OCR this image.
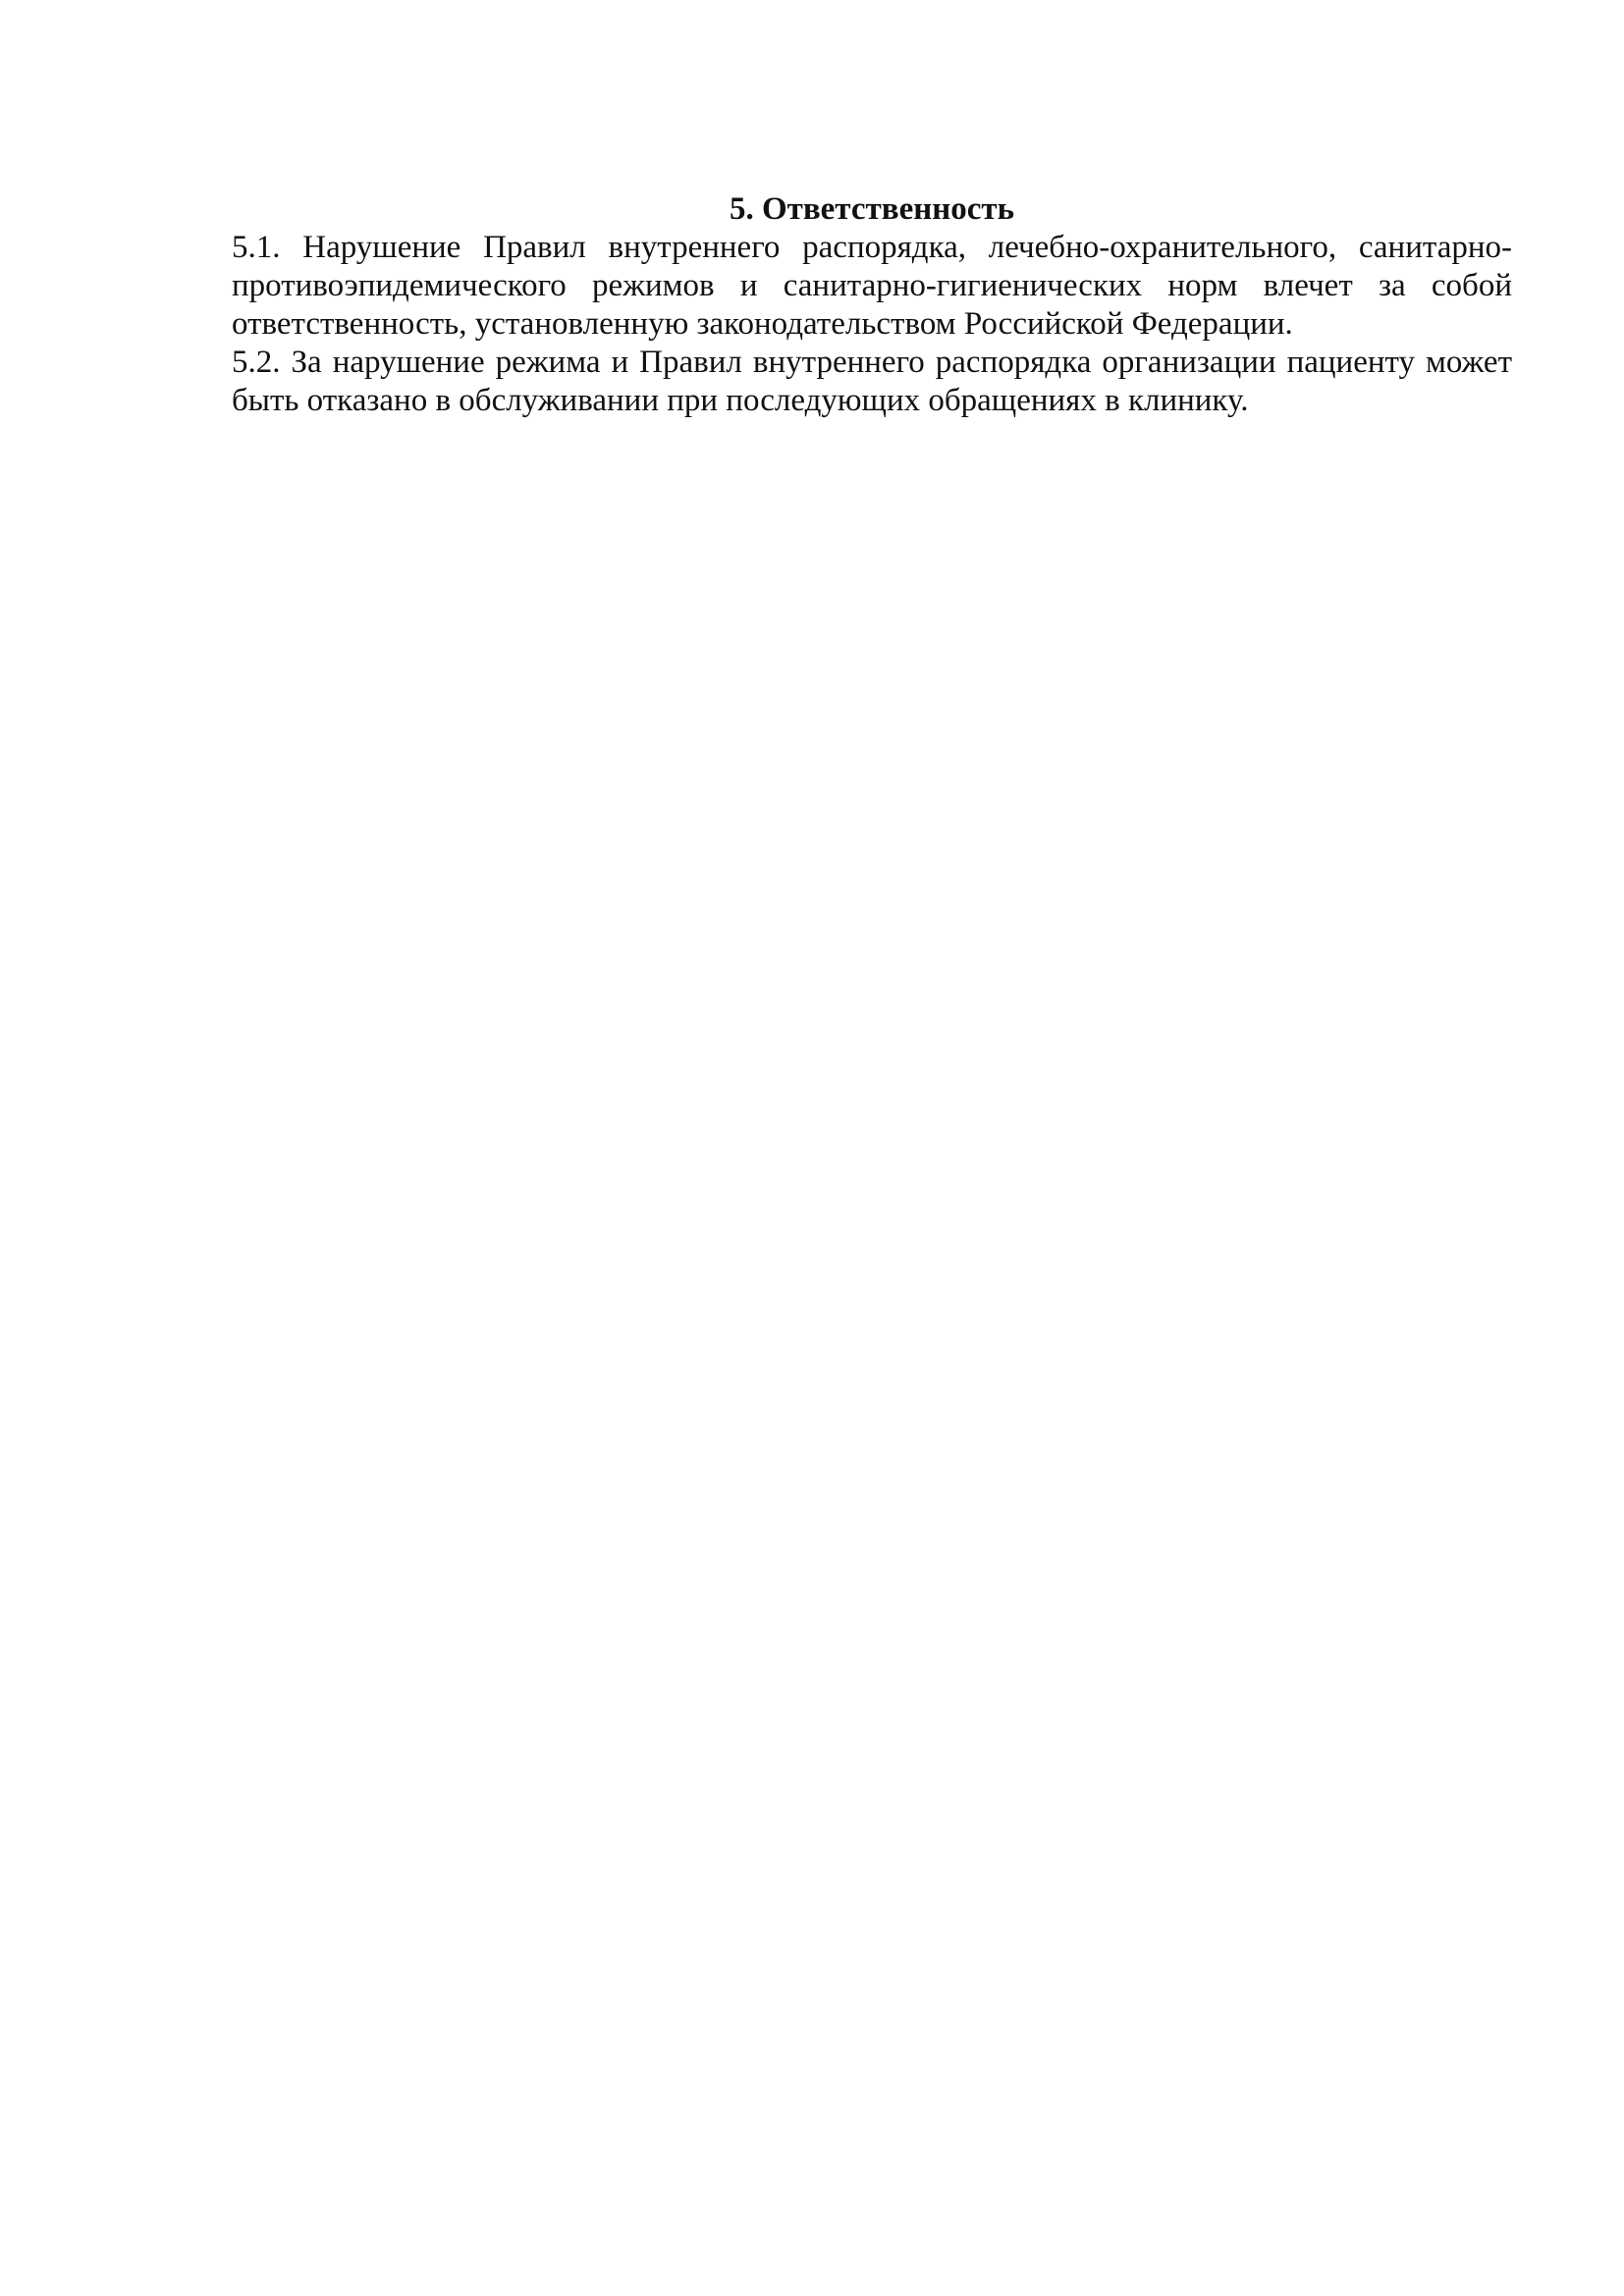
5. Ответственность

5.1. Нарушение Правил внутреннего распорядка, лечебно-охранительного, санитарно-противоэпидемического режимов и санитарно-гигиенических норм влечет за собой ответственность, установленную законодательством Российской Федерации.

5.2. За нарушение режима и Правил внутреннего распорядка организации пациенту может быть отказано в обслуживании при последующих обращениях в клинику.
